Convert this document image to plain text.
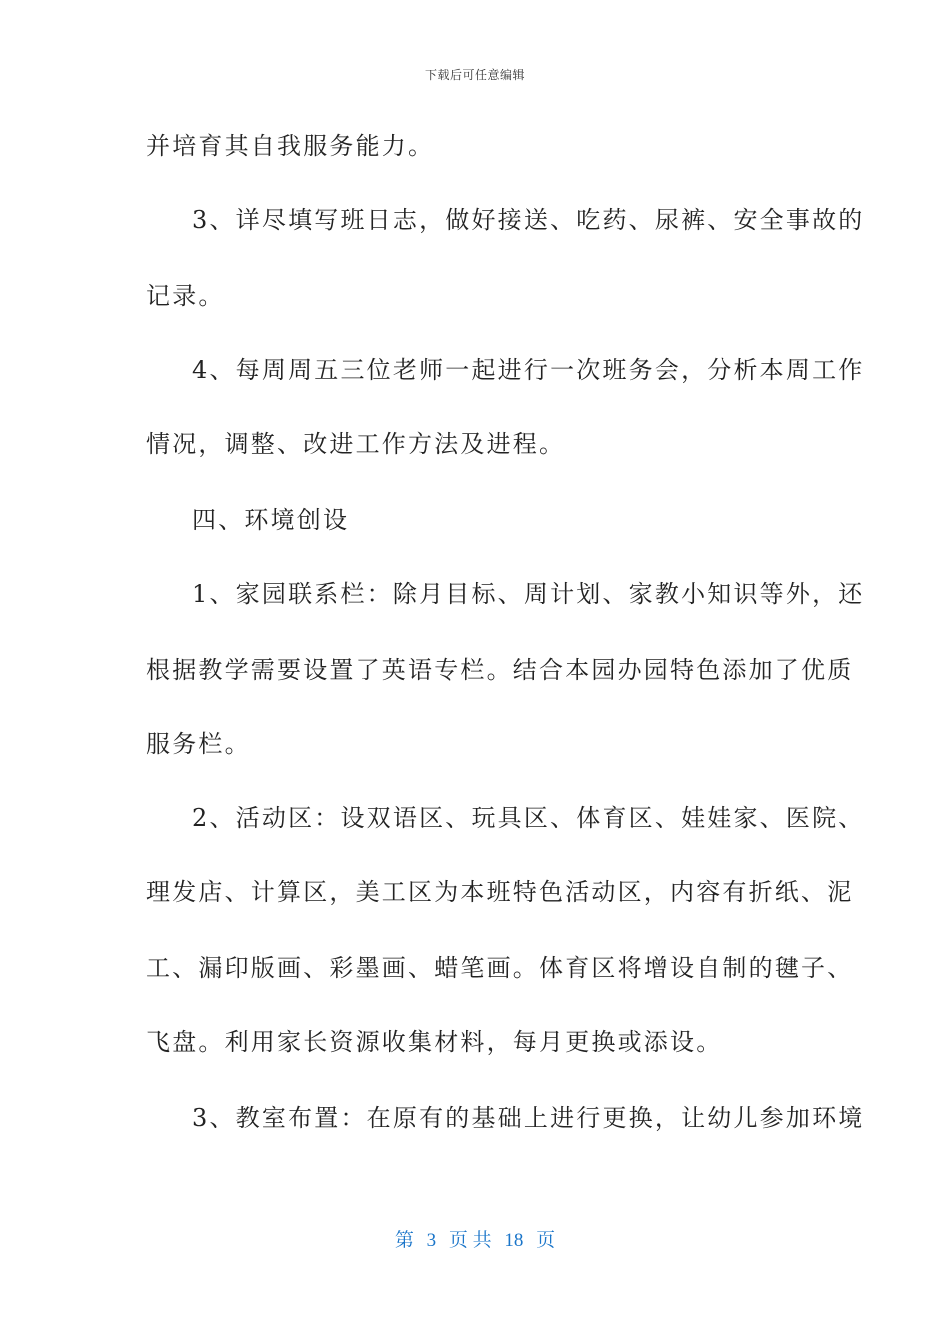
下载后可任意编辑
并培育其自我服务能力。
3、详尽填写班日志，做好接送、吃药、尿裤、安全事故的
记录。
4、每周周五三位老师一起进行一次班务会，分析本周工作
情况，调整、改进工作方法及进程。
四、环境创设
1、家园联系栏：除月目标、周计划、家教小知识等外，还
根据教学需要设置了英语专栏。结合本园办园特色添加了优质
服务栏。
2、活动区：设双语区、玩具区、体育区、娃娃家、医院、
理发店、计算区，美工区为本班特色活动区，内容有折纸、泥
工、漏印版画、彩墨画、蜡笔画。体育区将增设自制的毽子、
飞盘。利用家长资源收集材料，每月更换或添设。
3、教室布置：在原有的基础上进行更换，让幼儿参加环境
第 3 页 共 18 页
